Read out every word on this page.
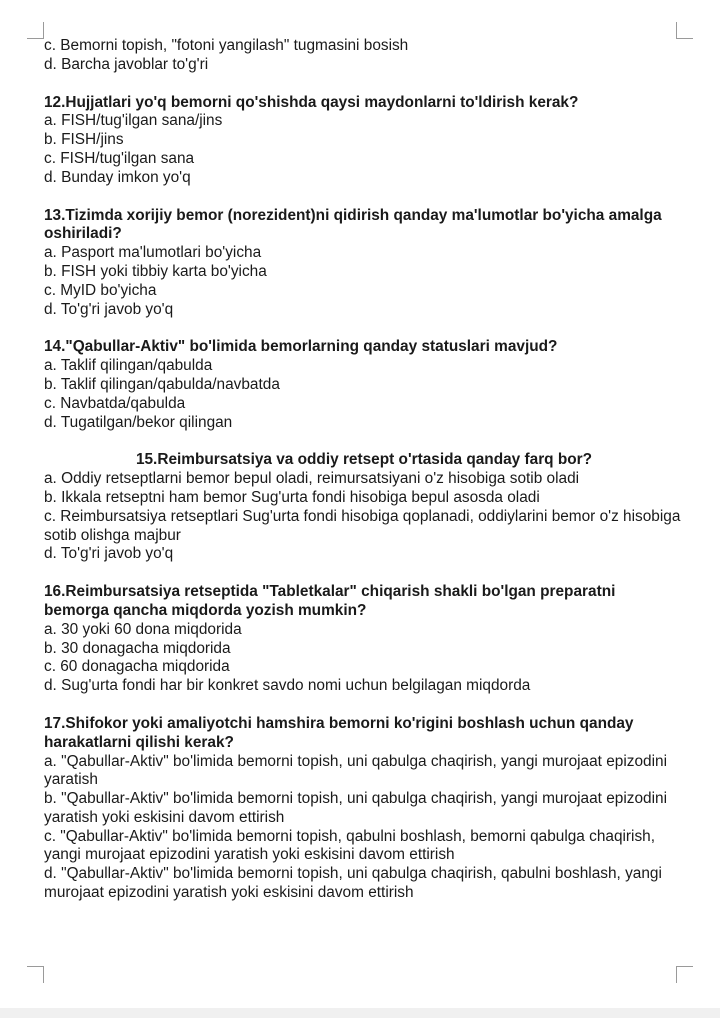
c. Bemorni topish, "fotoni yangilash" tugmasini bosish
d. Barcha javoblar to'g'ri
12.Hujjatlari yo'q bemorni qo'shishda qaysi maydonlarni to'ldirish kerak?
a. FISH/tug'ilgan sana/jins
b. FISH/jins
c. FISH/tug'ilgan sana
d. Bunday imkon yo'q
13.Tizimda xorijiy bemor (norezident)ni qidirish qanday ma'lumotlar bo'yicha amalga oshiriladi?
a. Pasport ma'lumotlari bo'yicha
b. FISH yoki tibbiy karta bo'yicha
c. MyID bo'yicha
d. To'g'ri javob yo'q
14."Qabullar-Aktiv" bo'limida bemorlarning qanday statuslari mavjud?
a. Taklif qilingan/qabulda
b. Taklif qilingan/qabulda/navbatda
c. Navbatda/qabulda
d. Tugatilgan/bekor qilingan
15.Reimbursatsiya va oddiy retsept o'rtasida qanday farq bor?
a. Oddiy retseptlarni bemor bepul oladi, reimursatsiyani o'z hisobiga sotib oladi
b. Ikkala retseptni ham bemor Sug'urta fondi hisobiga bepul asosda oladi
c. Reimbursatsiya retseptlari Sug'urta fondi hisobiga qoplanadi, oddiylarini bemor o'z hisobiga sotib olishga majbur
d. To'g'ri javob yo'q
16.Reimbursatsiya retseptida "Tabletkalar" chiqarish shakli bo'lgan preparatni bemorga qancha miqdorda yozish mumkin?
a. 30 yoki 60 dona miqdorida
b. 30 donagacha miqdorida
c. 60 donagacha miqdorida
d. Sug'urta fondi har bir konkret savdo nomi uchun belgilagan miqdorda
17.Shifokor yoki amaliyotchi hamshira bemorni ko'rigini boshlash uchun qanday harakatlarni qilishi kerak?
a. "Qabullar-Aktiv" bo'limida bemorni topish, uni qabulga chaqirish, yangi murojaat epizodini yaratish
b. "Qabullar-Aktiv" bo'limida bemorni topish, uni qabulga chaqirish, yangi murojaat epizodini yaratish yoki eskisini davom ettirish
c. "Qabullar-Aktiv" bo'limida bemorni topish, qabulni boshlash, bemorni qabulga chaqirish, yangi murojaat epizodini yaratish yoki eskisini davom ettirish
d. "Qabullar-Aktiv" bo'limida bemorni topish, uni qabulga chaqirish, qabulni boshlash, yangi murojaat epizodini yaratish yoki eskisini davom ettirish
